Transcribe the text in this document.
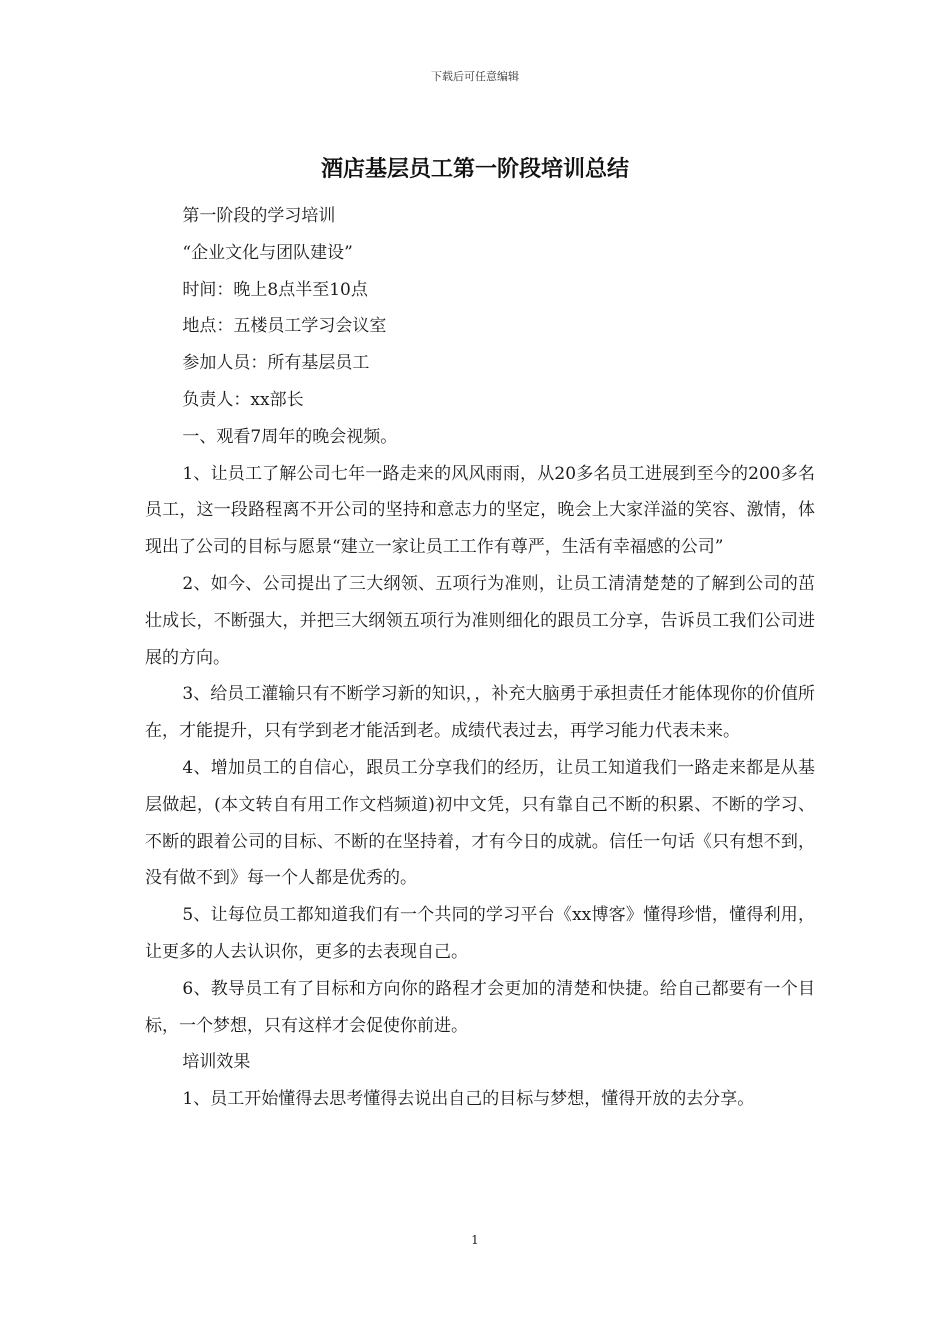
下载后可任意编辑
酒店基层员工第一阶段培训总结

第一阶段的学习培训

“企业文化与团队建设”

时间：晚上8点半至10点

地点：五楼员工学习会议室

参加人员：所有基层员工

负责人：xx部长

一、观看7周年的晚会视频。

1、让员工了解公司七年一路走来的风风雨雨，从20多名员工进展到至今的200多名员工，这一段路程离不开公司的坚持和意志力的坚定，晚会上大家洋溢的笑容、激情，体现出了公司的目标与愿景“建立一家让员工工作有尊严，生活有幸福感的公司”

2、如今、公司提出了三大纲领、五项行为准则，让员工清清楚楚的了解到公司的茁壮成长，不断强大，并把三大纲领五项行为准则细化的跟员工分享，告诉员工我们公司进展的方向。

3、给员工灌输只有不断学习新的知识，，补充大脑勇于承担责任才能体现你的价值所在，才能提升，只有学到老才能活到老。成绩代表过去，再学习能力代表未来。

4、增加员工的自信心，跟员工分享我们的经历，让员工知道我们一路走来都是从基层做起，(本文转自有用工作文档频道)初中文凭，只有靠自己不断的积累、不断的学习、不断的跟着公司的目标、不断的在坚持着，才有今日的成就。信任一句话《只有想不到，没有做不到》每一个人都是优秀的。

5、让每位员工都知道我们有一个共同的学习平台《xx博客》懂得珍惜，懂得利用，让更多的人去认识你，更多的去表现自己。

6、教导员工有了目标和方向你的路程才会更加的清楚和快捷。给自己都要有一个目标，一个梦想，只有这样才会促使你前进。

培训效果

1、员工开始懂得去思考懂得去说出自己的目标与梦想，懂得开放的去分享。

1
